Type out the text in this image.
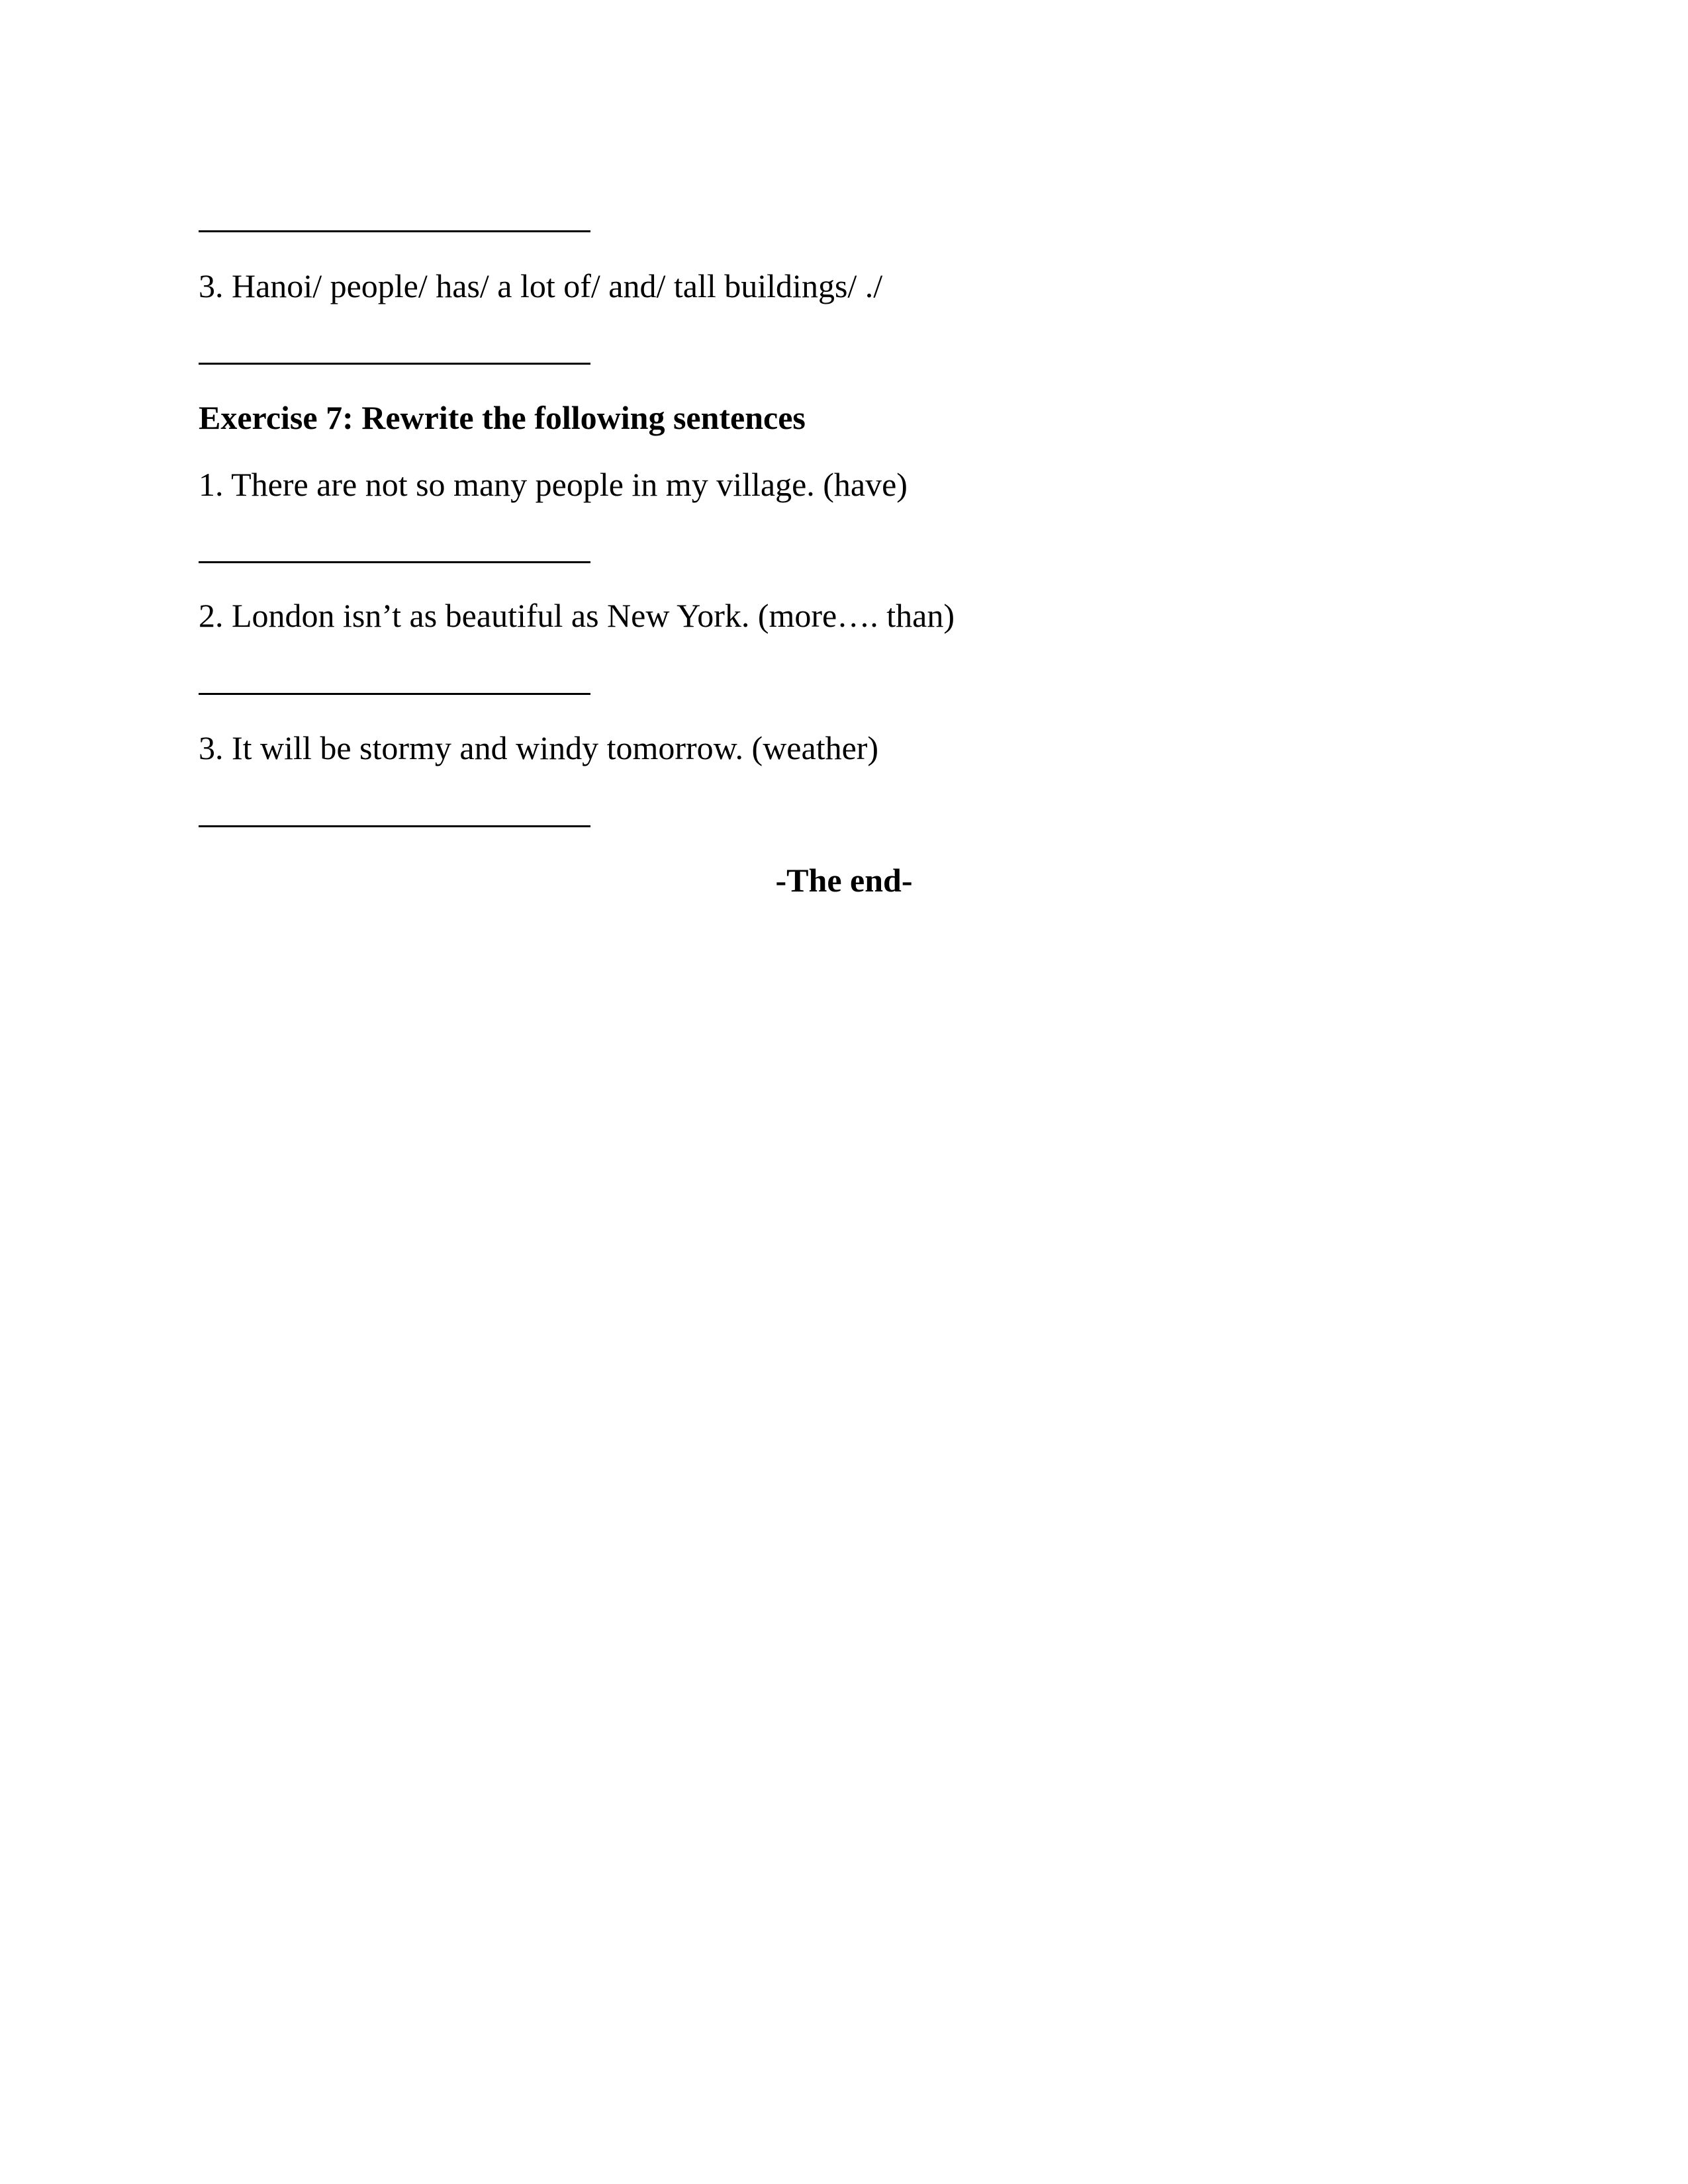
3. Hanoi/ people/ has/ a lot of/ and/ tall buildings/ ./
Exercise 7: Rewrite the following sentences
1. There are not so many people in my village. (have)
2. London isn’t as beautiful as New York. (more…. than)
3. It will be stormy and windy tomorrow. (weather)
-The end-
